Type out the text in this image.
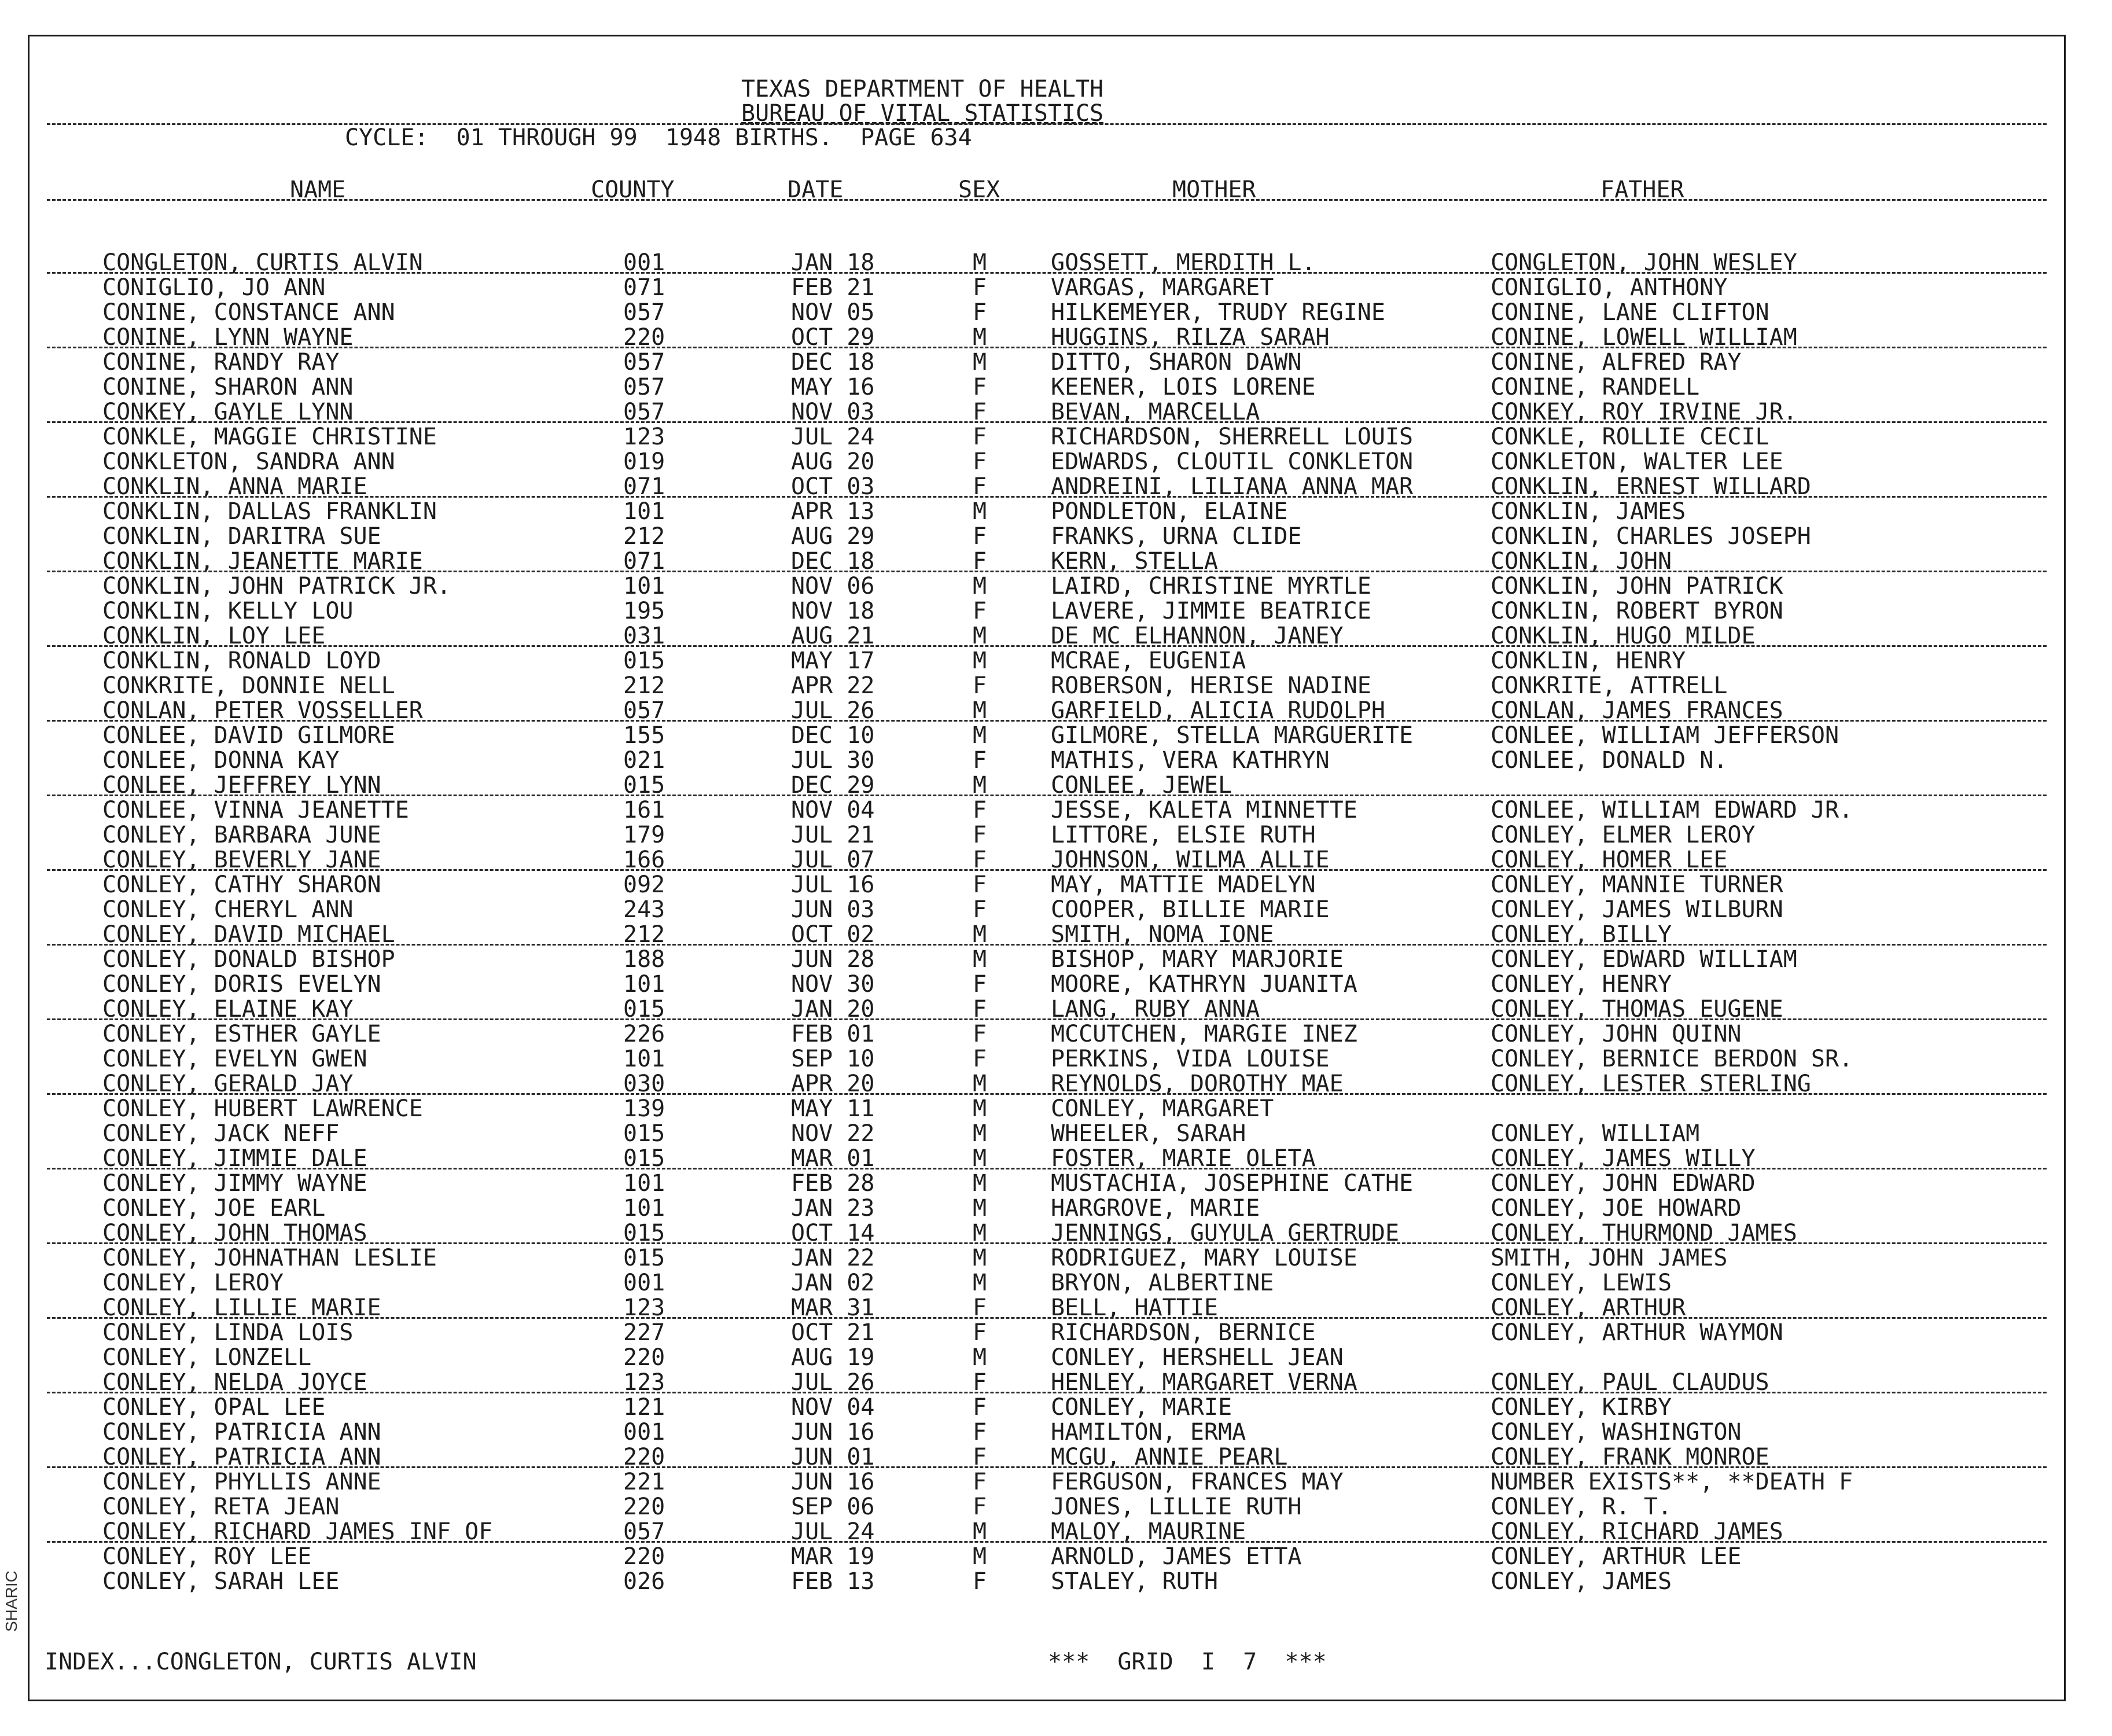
SHARIC
TEXAS DEPARTMENT OF HEALTH
BUREAU OF VITAL STATISTICS
CYCLE:  01 THROUGH 99  1948 BIRTHS.  PAGE 634
NAME	COUNTY	DATE	SEX	MOTHER	FATHER
CONGLETON, CURTIS ALVIN	001	JAN 18	M	GOSSETT, MERDITH L.	CONGLETON, JOHN WESLEY
CONIGLIO, JO ANN	071	FEB 21	F	VARGAS, MARGARET	CONIGLIO, ANTHONY
CONINE, CONSTANCE ANN	057	NOV 05	F	HILKEMEYER, TRUDY REGINE	CONINE, LANE CLIFTON
CONINE, LYNN WAYNE	220	OCT 29	M	HUGGINS, RILZA SARAH	CONINE, LOWELL WILLIAM
CONINE, RANDY RAY	057	DEC 18	M	DITTO, SHARON DAWN	CONINE, ALFRED RAY
CONINE, SHARON ANN	057	MAY 16	F	KEENER, LOIS LORENE	CONINE, RANDELL
CONKEY, GAYLE LYNN	057	NOV 03	F	BEVAN, MARCELLA	CONKEY, ROY IRVINE JR.
CONKLE, MAGGIE CHRISTINE	123	JUL 24	F	RICHARDSON, SHERRELL LOUIS	CONKLE, ROLLIE CECIL
CONKLETON, SANDRA ANN	019	AUG 20	F	EDWARDS, CLOUTIL CONKLETON	CONKLETON, WALTER LEE
CONKLIN, ANNA MARIE	071	OCT 03	F	ANDREINI, LILIANA ANNA MAR	CONKLIN, ERNEST WILLARD
CONKLIN, DALLAS FRANKLIN	101	APR 13	M	PONDLETON, ELAINE	CONKLIN, JAMES
CONKLIN, DARITRA SUE	212	AUG 29	F	FRANKS, URNA CLIDE	CONKLIN, CHARLES JOSEPH
CONKLIN, JEANETTE MARIE	071	DEC 18	F	KERN, STELLA	CONKLIN, JOHN
CONKLIN, JOHN PATRICK JR.	101	NOV 06	M	LAIRD, CHRISTINE MYRTLE	CONKLIN, JOHN PATRICK
CONKLIN, KELLY LOU	195	NOV 18	F	LAVERE, JIMMIE BEATRICE	CONKLIN, ROBERT BYRON
CONKLIN, LOY LEE	031	AUG 21	M	DE MC ELHANNON, JANEY	CONKLIN, HUGO MILDE
CONKLIN, RONALD LOYD	015	MAY 17	M	MCRAE, EUGENIA	CONKLIN, HENRY
CONKRITE, DONNIE NELL	212	APR 22	F	ROBERSON, HERISE NADINE	CONKRITE, ATTRELL
CONLAN, PETER VOSSELLER	057	JUL 26	M	GARFIELD, ALICIA RUDOLPH	CONLAN, JAMES FRANCES
CONLEE, DAVID GILMORE	155	DEC 10	M	GILMORE, STELLA MARGUERITE	CONLEE, WILLIAM JEFFERSON
CONLEE, DONNA KAY	021	JUL 30	F	MATHIS, VERA KATHRYN	CONLEE, DONALD N.
CONLEE, JEFFREY LYNN	015	DEC 29	M	CONLEE, JEWEL
CONLEE, VINNA JEANETTE	161	NOV 04	F	JESSE, KALETA MINNETTE	CONLEE, WILLIAM EDWARD JR.
CONLEY, BARBARA JUNE	179	JUL 21	F	LITTORE, ELSIE RUTH	CONLEY, ELMER LEROY
CONLEY, BEVERLY JANE	166	JUL 07	F	JOHNSON, WILMA ALLIE	CONLEY, HOMER LEE
CONLEY, CATHY SHARON	092	JUL 16	F	MAY, MATTIE MADELYN	CONLEY, MANNIE TURNER
CONLEY, CHERYL ANN	243	JUN 03	F	COOPER, BILLIE MARIE	CONLEY, JAMES WILBURN
CONLEY, DAVID MICHAEL	212	OCT 02	M	SMITH, NOMA IONE	CONLEY, BILLY
CONLEY, DONALD BISHOP	188	JUN 28	M	BISHOP, MARY MARJORIE	CONLEY, EDWARD WILLIAM
CONLEY, DORIS EVELYN	101	NOV 30	F	MOORE, KATHRYN JUANITA	CONLEY, HENRY
CONLEY, ELAINE KAY	015	JAN 20	F	LANG, RUBY ANNA	CONLEY, THOMAS EUGENE
CONLEY, ESTHER GAYLE	226	FEB 01	F	MCCUTCHEN, MARGIE INEZ	CONLEY, JOHN QUINN
CONLEY, EVELYN GWEN	101	SEP 10	F	PERKINS, VIDA LOUISE	CONLEY, BERNICE BERDON SR.
CONLEY, GERALD JAY	030	APR 20	M	REYNOLDS, DOROTHY MAE	CONLEY, LESTER STERLING
CONLEY, HUBERT LAWRENCE	139	MAY 11	M	CONLEY, MARGARET
CONLEY, JACK NEFF	015	NOV 22	M	WHEELER, SARAH	CONLEY, WILLIAM
CONLEY, JIMMIE DALE	015	MAR 01	M	FOSTER, MARIE OLETA	CONLEY, JAMES WILLY
CONLEY, JIMMY WAYNE	101	FEB 28	M	MUSTACHIA, JOSEPHINE CATHE	CONLEY, JOHN EDWARD
CONLEY, JOE EARL	101	JAN 23	M	HARGROVE, MARIE	CONLEY, JOE HOWARD
CONLEY, JOHN THOMAS	015	OCT 14	M	JENNINGS, GUYULA GERTRUDE	CONLEY, THURMOND JAMES
CONLEY, JOHNATHAN LESLIE	015	JAN 22	M	RODRIGUEZ, MARY LOUISE	SMITH, JOHN JAMES
CONLEY, LEROY	001	JAN 02	M	BRYON, ALBERTINE	CONLEY, LEWIS
CONLEY, LILLIE MARIE	123	MAR 31	F	BELL, HATTIE	CONLEY, ARTHUR
CONLEY, LINDA LOIS	227	OCT 21	F	RICHARDSON, BERNICE	CONLEY, ARTHUR WAYMON
CONLEY, LONZELL	220	AUG 19	M	CONLEY, HERSHELL JEAN
CONLEY, NELDA JOYCE	123	JUL 26	F	HENLEY, MARGARET VERNA	CONLEY, PAUL CLAUDUS
CONLEY, OPAL LEE	121	NOV 04	F	CONLEY, MARIE	CONLEY, KIRBY
CONLEY, PATRICIA ANN	001	JUN 16	F	HAMILTON, ERMA	CONLEY, WASHINGTON
CONLEY, PATRICIA ANN	220	JUN 01	F	MCGU, ANNIE PEARL	CONLEY, FRANK MONROE
CONLEY, PHYLLIS ANNE	221	JUN 16	F	FERGUSON, FRANCES MAY	NUMBER EXISTS**, **DEATH F
CONLEY, RETA JEAN	220	SEP 06	F	JONES, LILLIE RUTH	CONLEY, R. T.
CONLEY, RICHARD JAMES INF OF	057	JUL 24	M	MALOY, MAURINE	CONLEY, RICHARD JAMES
CONLEY, ROY LEE	220	MAR 19	M	ARNOLD, JAMES ETTA	CONLEY, ARTHUR LEE
CONLEY, SARAH LEE	026	FEB 13	F	STALEY, RUTH	CONLEY, JAMES
INDEX...CONGLETON, CURTIS ALVIN	***  GRID  I  7  ***
